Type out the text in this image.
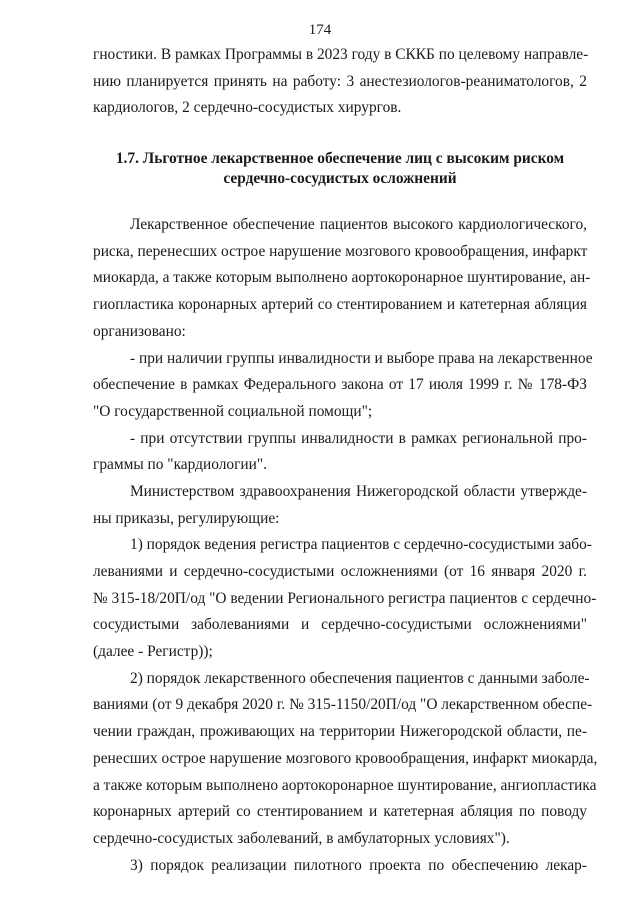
174
гностики. В рамках Программы в 2023 году в СККБ по целевому направле-
нию планируется принять на работу: 3 анестезиологов-реаниматологов, 2
кардиологов, 2 сердечно-сосудистых хирургов.
1.7. Льготное лекарственное обеспечение лиц с высоким риском
сердечно-сосудистых осложнений
Лекарственное обеспечение пациентов высокого кардиологического,
риска, перенесших острое нарушение мозгового кровообращения, инфаркт
миокарда, а также которым выполнено аортокоронарное шунтирование, ан-
гиопластика коронарных артерий со стентированием и катетерная абляция
организовано:
- при наличии группы инвалидности и выборе права на лекарственное
обеспечение в рамках Федерального закона от 17 июля 1999 г. № 178-ФЗ
"О государственной социальной помощи";
- при отсутствии группы инвалидности в рамках региональной про-
граммы по "кардиологии".
Министерством здравоохранения Нижегородской области утвержде-
ны приказы, регулирующие:
1) порядок ведения регистра пациентов с сердечно-сосудистыми забо-
леваниями и сердечно-сосудистыми осложнениями (от 16 января 2020 г.
№ 315-18/20П/од "О ведении Регионального регистра пациентов с сердечно-
сосудистыми заболеваниями и сердечно-сосудистыми осложнениями"
(далее - Регистр));
2) порядок лекарственного обеспечения пациентов с данными заболе-
ваниями (от 9 декабря 2020 г. № 315-1150/20П/од "О лекарственном обеспе-
чении граждан, проживающих на территории Нижегородской области, пе-
ренесших острое нарушение мозгового кровообращения, инфаркт миокарда,
а также которым выполнено аортокоронарное шунтирование, ангиопластика
коронарных артерий со стентированием и катетерная абляция по поводу
сердечно-сосудистых заболеваний, в амбулаторных условиях").
3) порядок реализации пилотного проекта по обеспечению лекар-
